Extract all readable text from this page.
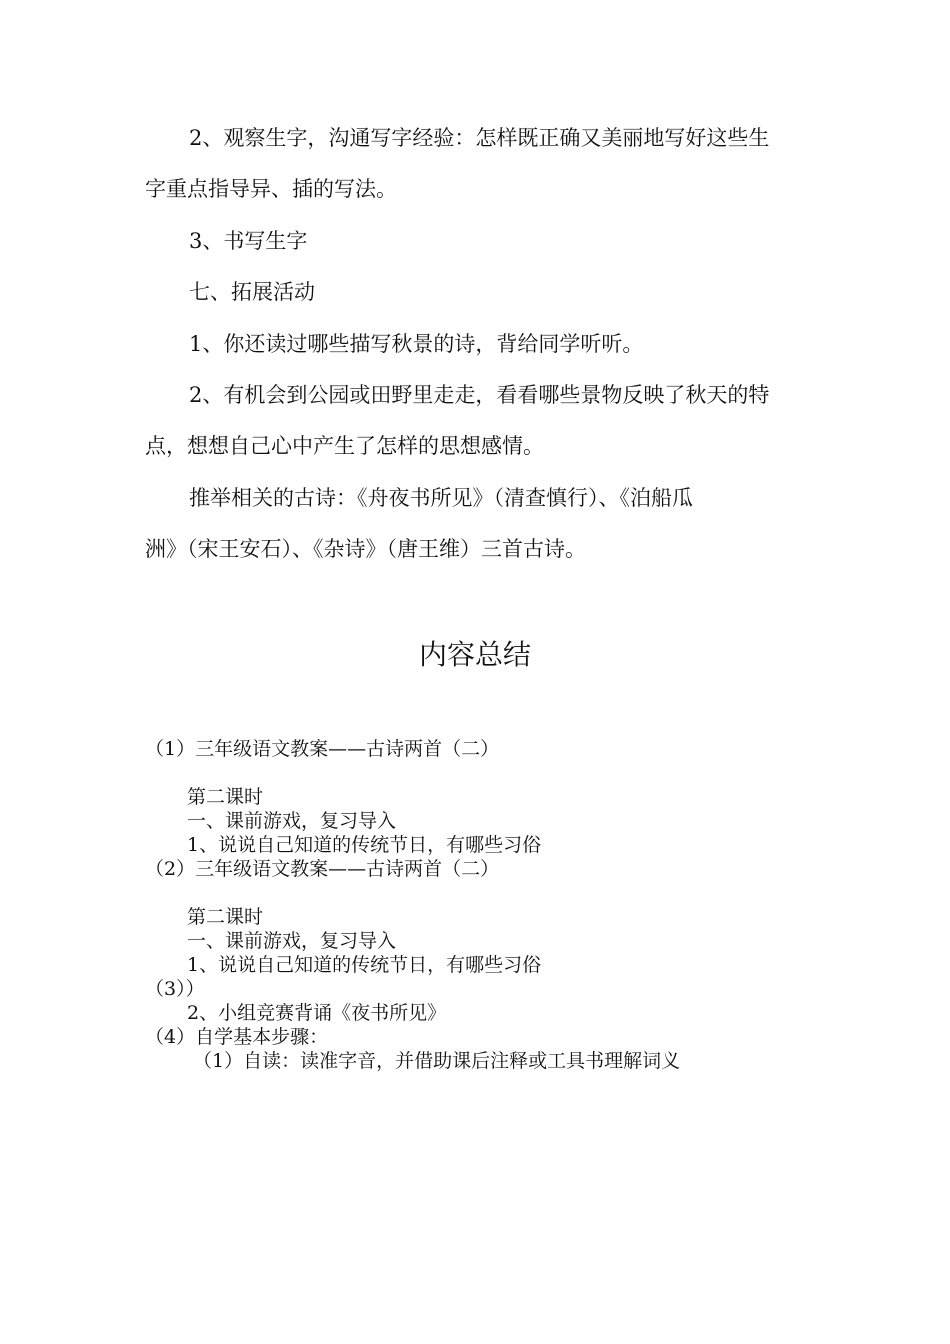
2、观察生字，沟通写字经验：怎样既正确又美丽地写好这些生

字重点指导异、插的写法。

3、书写生字

七、拓展活动

1、你还读过哪些描写秋景的诗，背给同学听听。

2、有机会到公园或田野里走走，看看哪些景物反映了秋天的特

点，想想自己心中产生了怎样的思想感情。

推举相关的古诗：《舟夜书所见》（清查慎行）、《泊船瓜

洲》（宋王安石）、《杂诗》（唐王维）三首古诗。

内容总结

（1）三年级语文教案——古诗两首（二）

第二课时

一、课前游戏，复习导入

1、说说自己知道的传统节日，有哪些习俗

（2）三年级语文教案——古诗两首（二）

第二课时

一、课前游戏，复习导入

1、说说自己知道的传统节日，有哪些习俗

（3））

2、小组竞赛背诵《夜书所见》

（4）自学基本步骤：

（1）自读：读准字音，并借助课后注释或工具书理解词义
